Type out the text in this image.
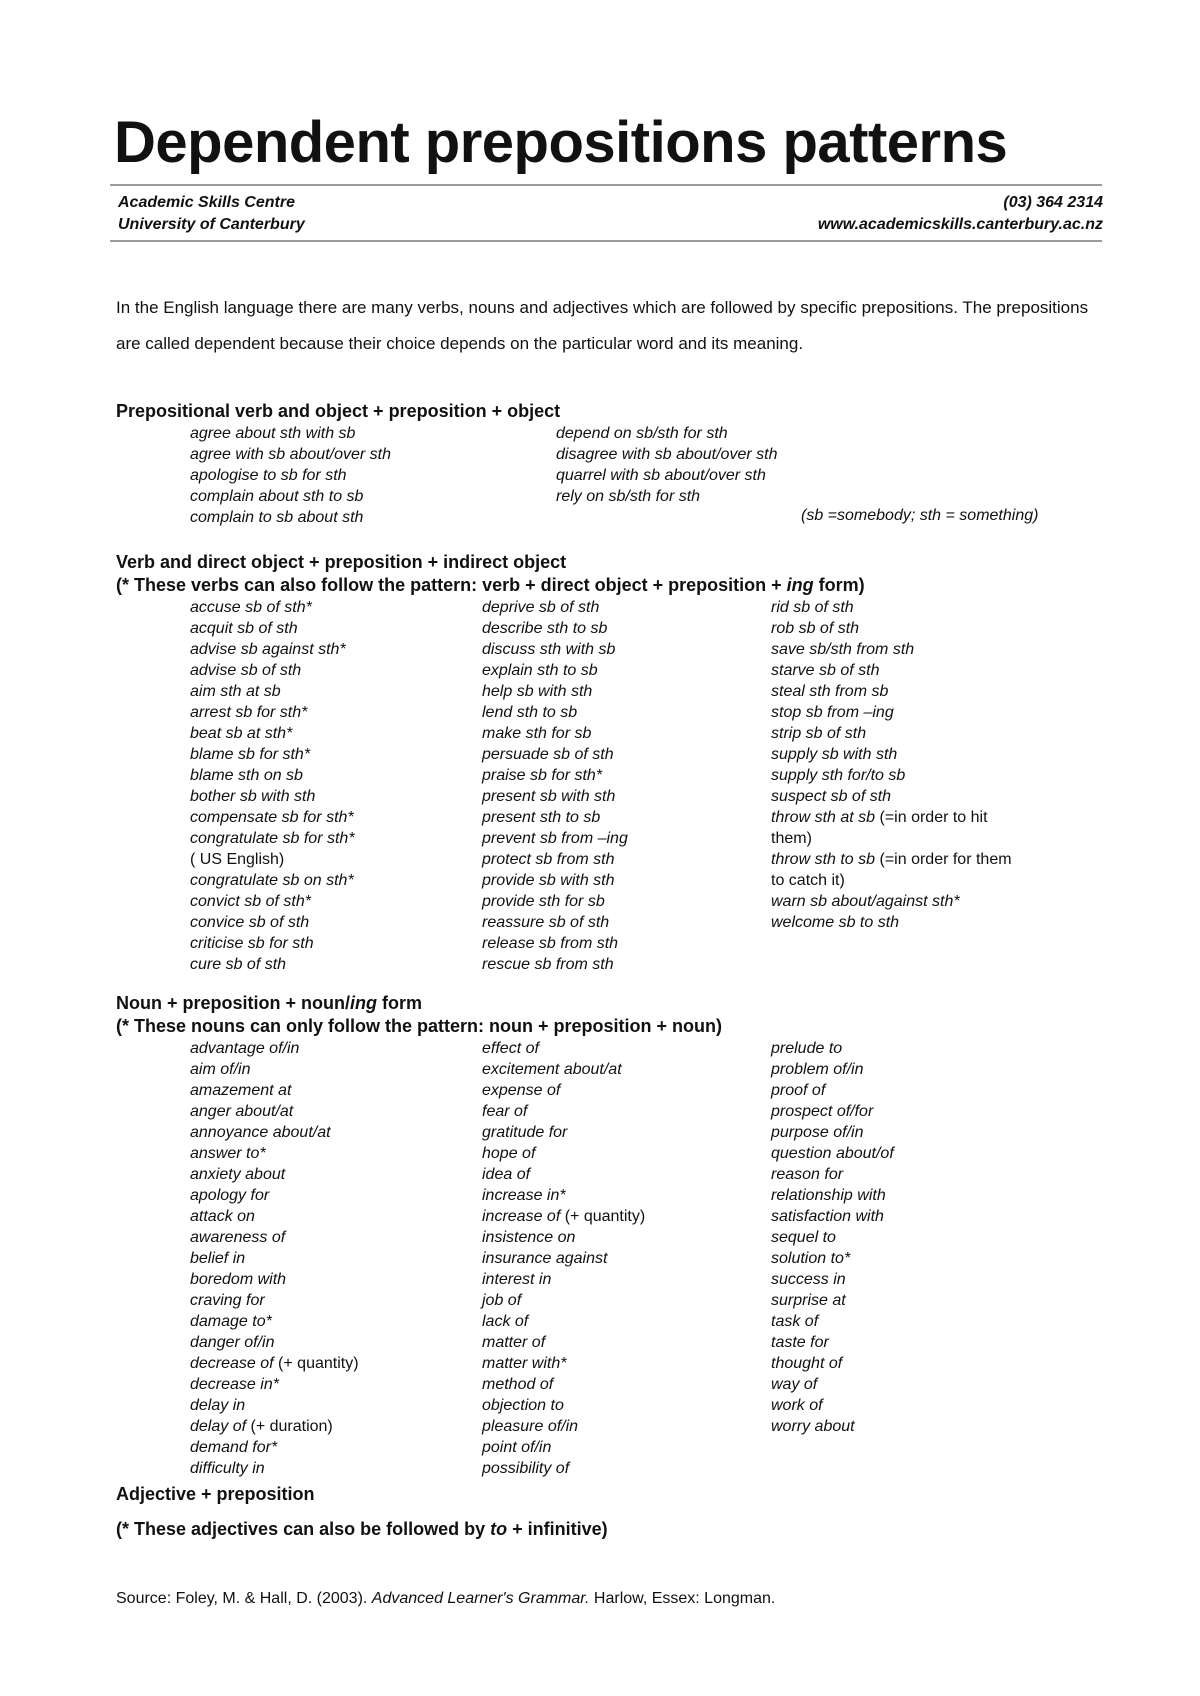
Dependent prepositions patterns
Academic Skills Centre
University of Canterbury
(03) 364 2314
www.academicskills.canterbury.ac.nz

In the English language there are many verbs, nouns and adjectives which are followed by specific prepositions. The prepositions are called dependent because their choice depends on the particular word and its meaning.

Prepositional verb and object + preposition + object
agree about sth with sb
agree with sb about/over sth
apologise to sb for sth
complain about sth to sb
complain to sb about sth
depend on sb/sth for sth
disagree with sb about/over sth
quarrel with sb about/over sth
rely on sb/sth for sth
(sb =somebody; sth = something)
Verb and direct object + preposition + indirect object
(* These verbs can also follow the pattern: verb + direct object + preposition + ing form)
accuse sb of sth*
acquit sb of sth
advise sb against sth*
advise sb of sth
aim sth at sb
arrest sb for sth*
beat sb at sth*
blame sb for sth*
blame sth on sb
bother sb with sth
compensate sb for sth*
congratulate sb for sth*
( US English)
congratulate sb on sth*
convict sb of sth*
convice sb of sth
criticise sb for sth
cure sb of sth
deprive sb of sth
describe sth to sb
discuss sth with sb
explain sth to sb
help sb with sth
lend sth to sb
make sth for sb
persuade sb of sth
praise sb for sth*
present sb with sth
present sth to sb
prevent sb from –ing
protect sb from sth
provide sb with sth
provide sth for sb
reassure sb of sth
release sb from sth
rescue sb from sth
rid sb of sth
rob sb of sth
save sb/sth from sth
starve sb of sth
steal sth from sb
stop sb from –ing
strip sb of sth
supply sb with sth
supply sth for/to sb
suspect sb of sth
throw sth at sb (=in order to hit
them)
throw sth to sb (=in order for them
to catch it)
warn sb about/against sth*
welcome sb to sth
Noun + preposition + noun/ing form
(* These nouns can only follow the pattern: noun + preposition + noun)
advantage of/in
aim of/in
amazement at
anger about/at
annoyance about/at
answer to*
anxiety about
apology for
attack on
awareness of
belief in
boredom with
craving for
damage to*
danger of/in
decrease of (+ quantity)
decrease in*
delay in
delay of (+ duration)
demand for*
difficulty in
effect of
excitement about/at
expense of
fear of
gratitude for
hope of
idea of
increase in*
increase of (+ quantity)
insistence on
insurance against
interest in
job of
lack of
matter of
matter with*
method of
objection to
pleasure of/in
point of/in
possibility of
prelude to
problem of/in
proof of
prospect of/for
purpose of/in
question about/of
reason for
relationship with
satisfaction with
sequel to
solution to*
success in
surprise at
task of
taste for
thought of
way of
work of
worry about
Adjective + preposition
(* These adjectives can also be followed by to + infinitive)
Source: Foley, M. & Hall, D. (2003). Advanced Learner's Grammar. Harlow, Essex: Longman.
